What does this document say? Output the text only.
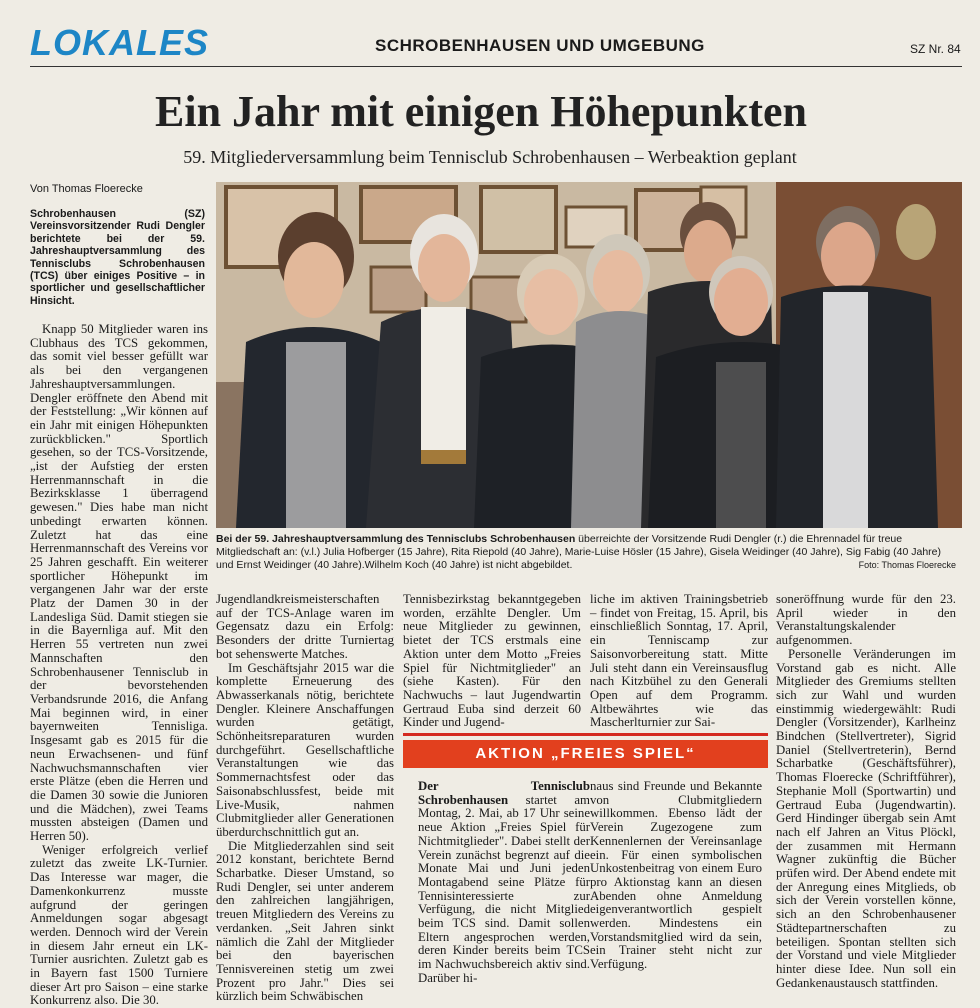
LOKALES	SCHROBENHAUSEN UND UMGEBUNG	SZ Nr. 84
Ein Jahr mit einigen Höhepunkten
59. Mitgliederversammlung beim Tennisclub Schrobenhausen – Werbeaktion geplant
Von Thomas Floerecke
Schrobenhausen (SZ) Vereinsvorsitzender Rudi Dengler berichtete bei der 59. Jahreshauptversammlung des Tennisclubs Schrobenhausen (TCS) über einiges Positive – in sportlicher und gesellschaftlicher Hinsicht.

Knapp 50 Mitglieder waren ins Clubhaus des TCS gekommen, das somit viel besser gefüllt war als bei den vergangenen Jahreshauptversammlungen. Dengler eröffnete den Abend mit der Feststellung: „Wir können auf ein Jahr mit einigen Höhepunkten zurückblicken." Sportlich gesehen, so der TCS-Vorsitzende, „ist der Aufstieg der ersten Herrenmannschaft in die Bezirksklasse 1 überragend gewesen." Dies habe man nicht unbedingt erwarten können. Zuletzt hat das eine Herrenmannschaft des Vereins vor 25 Jahren geschafft. Ein weiterer sportlicher Höhepunkt im vergangenen Jahr war der erste Platz der Damen 30 in der Landesliga Süd. Damit stiegen sie in die Bayernliga auf. Mit den Herren 55 vertreten nun zwei Mannschaften den Schrobenhausener Tennisclub in der bevorstehenden Verbandsrunde 2016, die Anfang Mai beginnen wird, in einer bayernweiten Tennisliga. Insgesamt gab es 2015 für die neun Erwachsenen- und fünf Nachwuchsmannschaften vier erste Plätze (eben die Herren und die Damen 30 sowie die Junioren und die Mädchen), zwei Teams mussten absteigen (Damen und Herren 50).

Weniger erfolgreich verlief zuletzt das zweite LK-Turnier. Das Interesse war mager, die Damenkonkurrenz musste aufgrund der geringen Anmeldungen sogar abgesagt werden. Dennoch wird der Verein in diesem Jahr erneut ein LK-Turnier ausrichten. Zuletzt gab es in Bayern fast 1500 Turniere dieser Art pro Saison – eine starke Konkurrenz also. Die 30.

Bei der 59. Jahreshauptversammlung des Tennisclubs Schrobenhausen überreichte der Vorsitzende Rudi Dengler (r.) die Ehrennadel für treue Mitgliedschaft an: (v.l.) Julia Hofberger (15 Jahre), Rita Riepold (40 Jahre), Marie-Luise Hösler (15 Jahre), Gisela Weidinger (40 Jahre), Sig Fabig (40 Jahre) und Ernst Weidinger (40 Jahre).Wilhelm Koch (40 Jahre) ist nicht abgebildet.	Foto: Thomas Floerecke

Jugendlandkreismeisterschaften auf der TCS-Anlage waren im Gegensatz dazu ein Erfolg: Besonders der dritte Turniertag bot sehenswerte Matches.

Im Geschäftsjahr 2015 war die komplette Erneuerung des Abwasserkanals nötig, berichtete Dengler. Kleinere Anschaffungen wurden getätigt, Schönheitsreparaturen wurden durchgeführt. Gesellschaftliche Veranstaltungen wie das Sommernachtsfest oder das Saisonabschlussfest, beide mit Live-Musik, nahmen Clubmitglieder aller Generationen überdurchschnittlich gut an.

Die Mitgliederzahlen sind seit 2012 konstant, berichtete Bernd Scharbatke. Dieser Umstand, so Rudi Dengler, sei unter anderem den zahlreichen langjährigen, treuen Mitgliedern des Vereins zu verdanken. „Seit Jahren sinkt nämlich die Zahl der Mitglieder bei den bayerischen Tennisvereinen stetig um zwei Prozent pro Jahr." Dies sei kürzlich beim Schwäbischen

Tennisbezirkstag bekanntgegeben worden, erzählte Dengler. Um neue Mitglieder zu gewinnen, bietet der TCS erstmals eine Aktion unter dem Motto „Freies Spiel für Nichtmitglieder" an (siehe Kasten). Für den Nachwuchs – laut Jugendwartin Gertraud Euba sind derzeit 60 Kinder und Jugend-

liche im aktiven Trainingsbetrieb – findet von Freitag, 15. April, bis einschließlich Sonntag, 17. April, ein Tenniscamp zur Saisonvorbereitung statt. Mitte Juli steht dann ein Vereinsausflug nach Kitzbühel zu den Generali Open auf dem Programm. Altbewährtes wie das Mascherlturnier zur Sai-

soneröffnung wurde für den 23. April wieder in den Veranstaltungskalender aufgenommen.

Personelle Veränderungen im Vorstand gab es nicht. Alle Mitglieder des Gremiums stellten sich zur Wahl und wurden einstimmig wiedergewählt: Rudi Dengler (Vorsitzender), Karlheinz Bindchen (Stellvertreter), Sigrid Daniel (Stellvertreterin), Bernd Scharbatke (Geschäftsführer), Thomas Floerecke (Schriftführer), Stephanie Moll (Sportwartin) und Gertraud Euba (Jugendwartin). Gerd Hindinger übergab sein Amt nach elf Jahren an Vitus Plöckl, der zusammen mit Hermann Wagner zukünftig die Bücher prüfen wird. Der Abend endete mit der Anregung eines Mitglieds, ob sich der Verein vorstellen könne, sich an den Schrobenhausener Städtepartnerschaften zu beteiligen. Spontan stellten sich der Vorstand und viele Mitglieder hinter diese Idee. Nun soll ein Gedankenaustausch stattfinden.

AKTION „FREIES SPIEL“
Der Tennisclub Schrobenhausen startet am Montag, 2. Mai, ab 17 Uhr seine neue Aktion „Freies Spiel für Nichtmitglieder". Dabei stellt der Verein zunächst begrenzt auf die Monate Mai und Juni jeden Montagabend seine Plätze für Tennisinteressierte zur Verfügung, die nicht Mitglied beim TCS sind. Damit sollen Eltern angesprochen werden, deren Kinder bereits beim TCS im Nachwuchsbereich aktiv sind. Darüber hi-
naus sind Freunde und Bekannte von Clubmitgliedern willkommen. Ebenso lädt der Verein Zugezogene zum Kennenlernen der Vereinsanlage ein. Für einen symbolischen Unkostenbeitrag von einem Euro pro Aktionstag kann an diesen Abenden ohne Anmeldung eigenverantwortlich gespielt werden. Mindestens ein Vorstandsmitglied wird da sein, ein Trainer steht nicht zur Verfügung.
